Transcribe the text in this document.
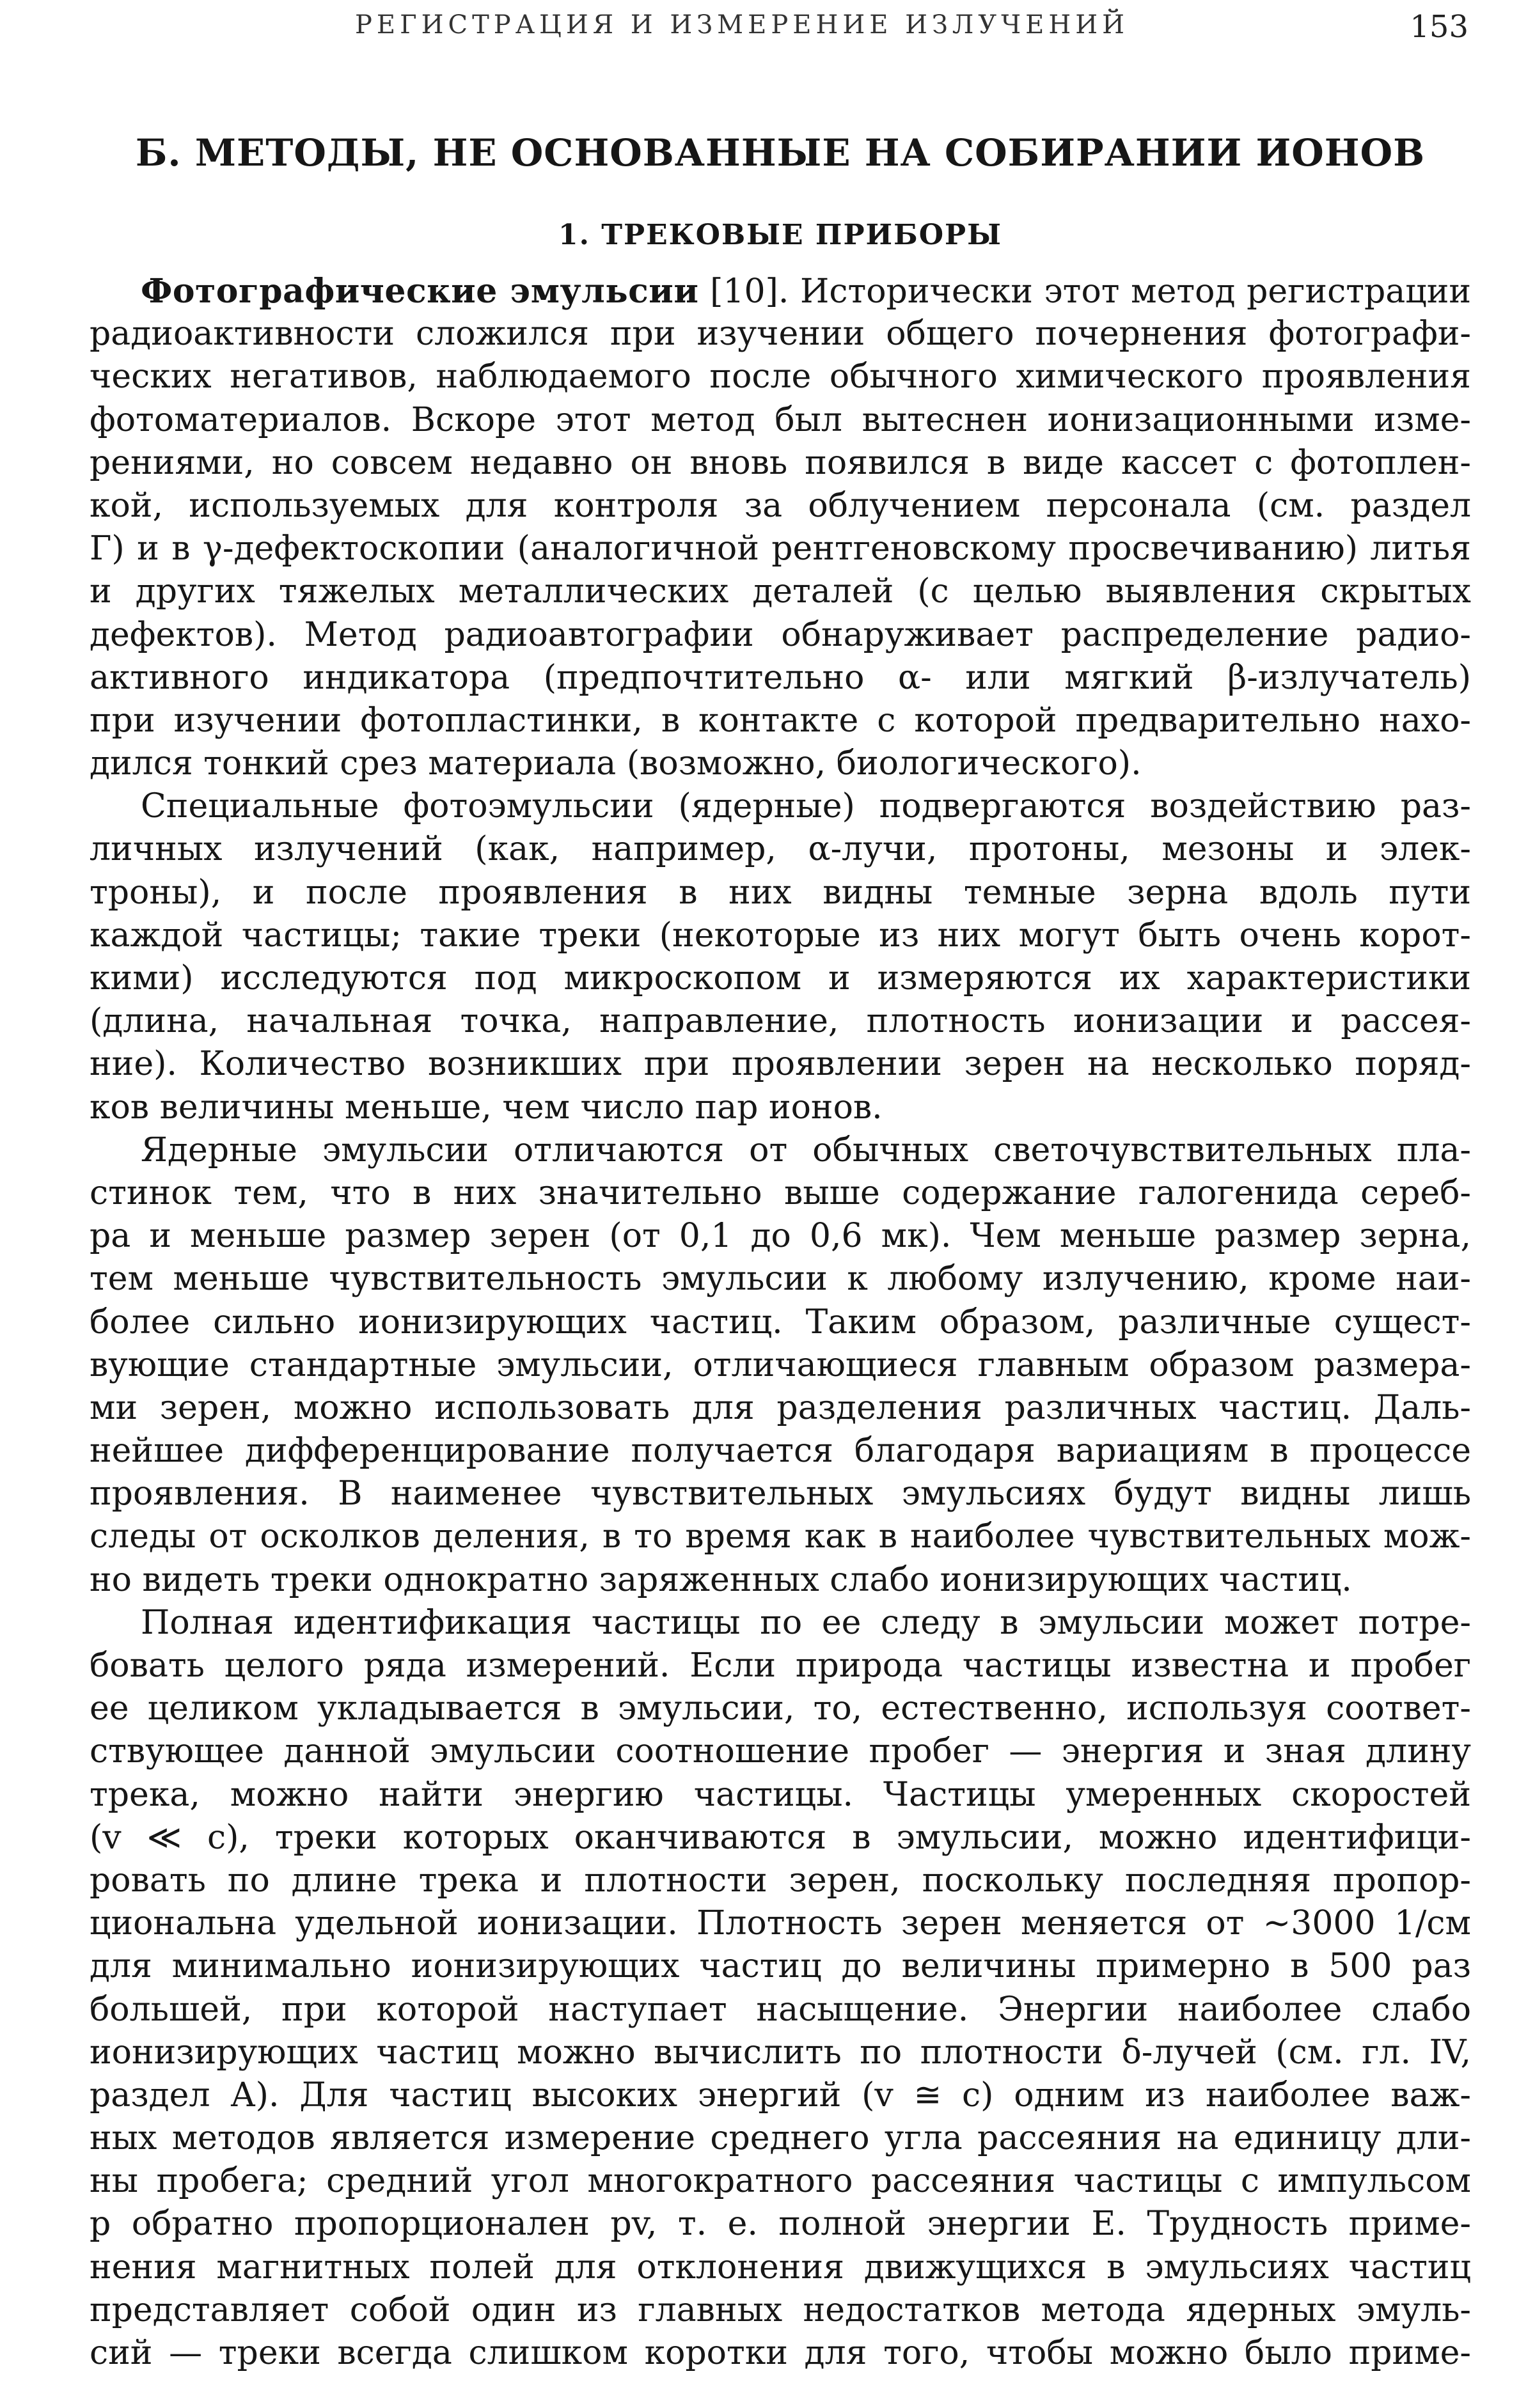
РЕГИСТРАЦИЯ И ИЗМЕРЕНИЕ ИЗЛУЧЕНИЙ	153
Б. МЕТОДЫ, НЕ ОСНОВАННЫЕ НА СОБИРАНИИ ИОНОВ
1. ТРЕКОВЫЕ ПРИБОРЫ

Фотографические эмульсии [10]. Исторически этот метод регистрации
радиоактивности сложился при изучении общего почернения фотографи-
ческих негативов, наблюдаемого после обычного химического проявления
фотоматериалов. Вскоре этот метод был вытеснен ионизационными изме-
рениями, но совсем недавно он вновь появился в виде кассет с фотоплен-
кой, используемых для контроля за облучением персонала (см. раздел
Г) и в γ-дефектоскопии (аналогичной рентгеновскому просвечиванию) литья
и других тяжелых металлических деталей (с целью выявления скрытых
дефектов). Метод радиоавтографии обнаруживает распределение радио-
активного индикатора (предпочтительно α- или мягкий β-излучатель)
при изучении фотопластинки, в контакте с которой предварительно нахо-
дился тонкий срез материала (возможно, биологического).

Специальные фотоэмульсии (ядерные) подвергаются воздействию раз-
личных излучений (как, например, α-лучи, протоны, мезоны и элек-
троны), и после проявления в них видны темные зерна вдоль пути
каждой частицы; такие треки (некоторые из них могут быть очень корот-
кими) исследуются под микроскопом и измеряются их характеристики
(длина, начальная точка, направление, плотность ионизации и рассея-
ние). Количество возникших при проявлении зерен на несколько поряд-
ков величины меньше, чем число пар ионов.

Ядерные эмульсии отличаются от обычных светочувствительных пла-
стинок тем, что в них значительно выше содержание галогенида сереб-
ра и меньше размер зерен (от 0,1 до 0,6 мк). Чем меньше размер зерна,
тем меньше чувствительность эмульсии к любому излучению, кроме наи-
более сильно ионизирующих частиц. Таким образом, различные сущест-
вующие стандартные эмульсии, отличающиеся главным образом размера-
ми зерен, можно использовать для разделения различных частиц. Даль-
нейшее дифференцирование получается благодаря вариациям в процессе
проявления. В наименее чувствительных эмульсиях будут видны лишь
следы от осколков деления, в то время как в наиболее чувствительных мож-
но видеть треки однократно заряженных слабо ионизирующих частиц.

Полная идентификация частицы по ее следу в эмульсии может потре-
бовать целого ряда измерений. Если природа частицы известна и пробег
ее целиком укладывается в эмульсии, то, естественно, используя соответ-
ствующее данной эмульсии соотношение пробег — энергия и зная длину
трека, можно найти энергию частицы. Частицы умеренных скоростей
(v ≪ c), треки которых оканчиваются в эмульсии, можно идентифици-
ровать по длине трека и плотности зерен, поскольку последняя пропор-
циональна удельной ионизации. Плотность зерен меняется от ~3000 1/см
для минимально ионизирующих частиц до величины примерно в 500 раз
большей, при которой наступает насыщение. Энергии наиболее слабо
ионизирующих частиц можно вычислить по плотности δ-лучей (см. гл. IV,
раздел А). Для частиц высоких энергий (v ≅ c) одним из наиболее важ-
ных методов является измерение среднего угла рассеяния на единицу дли-
ны пробега; средний угол многократного рассеяния частицы с импульсом
p обратно пропорционален pv, т. е. полной энергии E. Трудность приме-
нения магнитных полей для отклонения движущихся в эмульсиях частиц
представляет собой один из главных недостатков метода ядерных эмуль-
сий — треки всегда слишком коротки для того, чтобы можно было приме-
